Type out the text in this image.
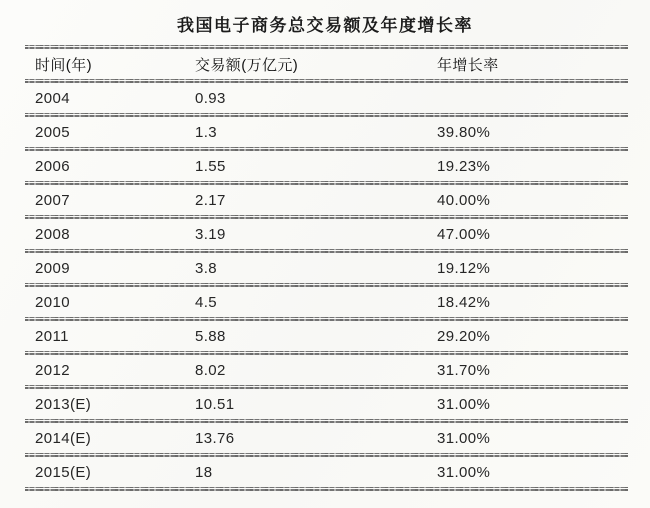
我国电子商务总交易额及年度增长率
时间(年)	交易额(万亿元)	年增长率
2004	0.93
2005	1.3	39.80%
2006	1.55	19.23%
2007	2.17	40.00%
2008	3.19	47.00%
2009	3.8	19.12%
2010	4.5	18.42%
2011	5.88	29.20%
2012	8.02	31.70%
2013(E)	10.51	31.00%
2014(E)	13.76	31.00%
2015(E)	18	31.00%
